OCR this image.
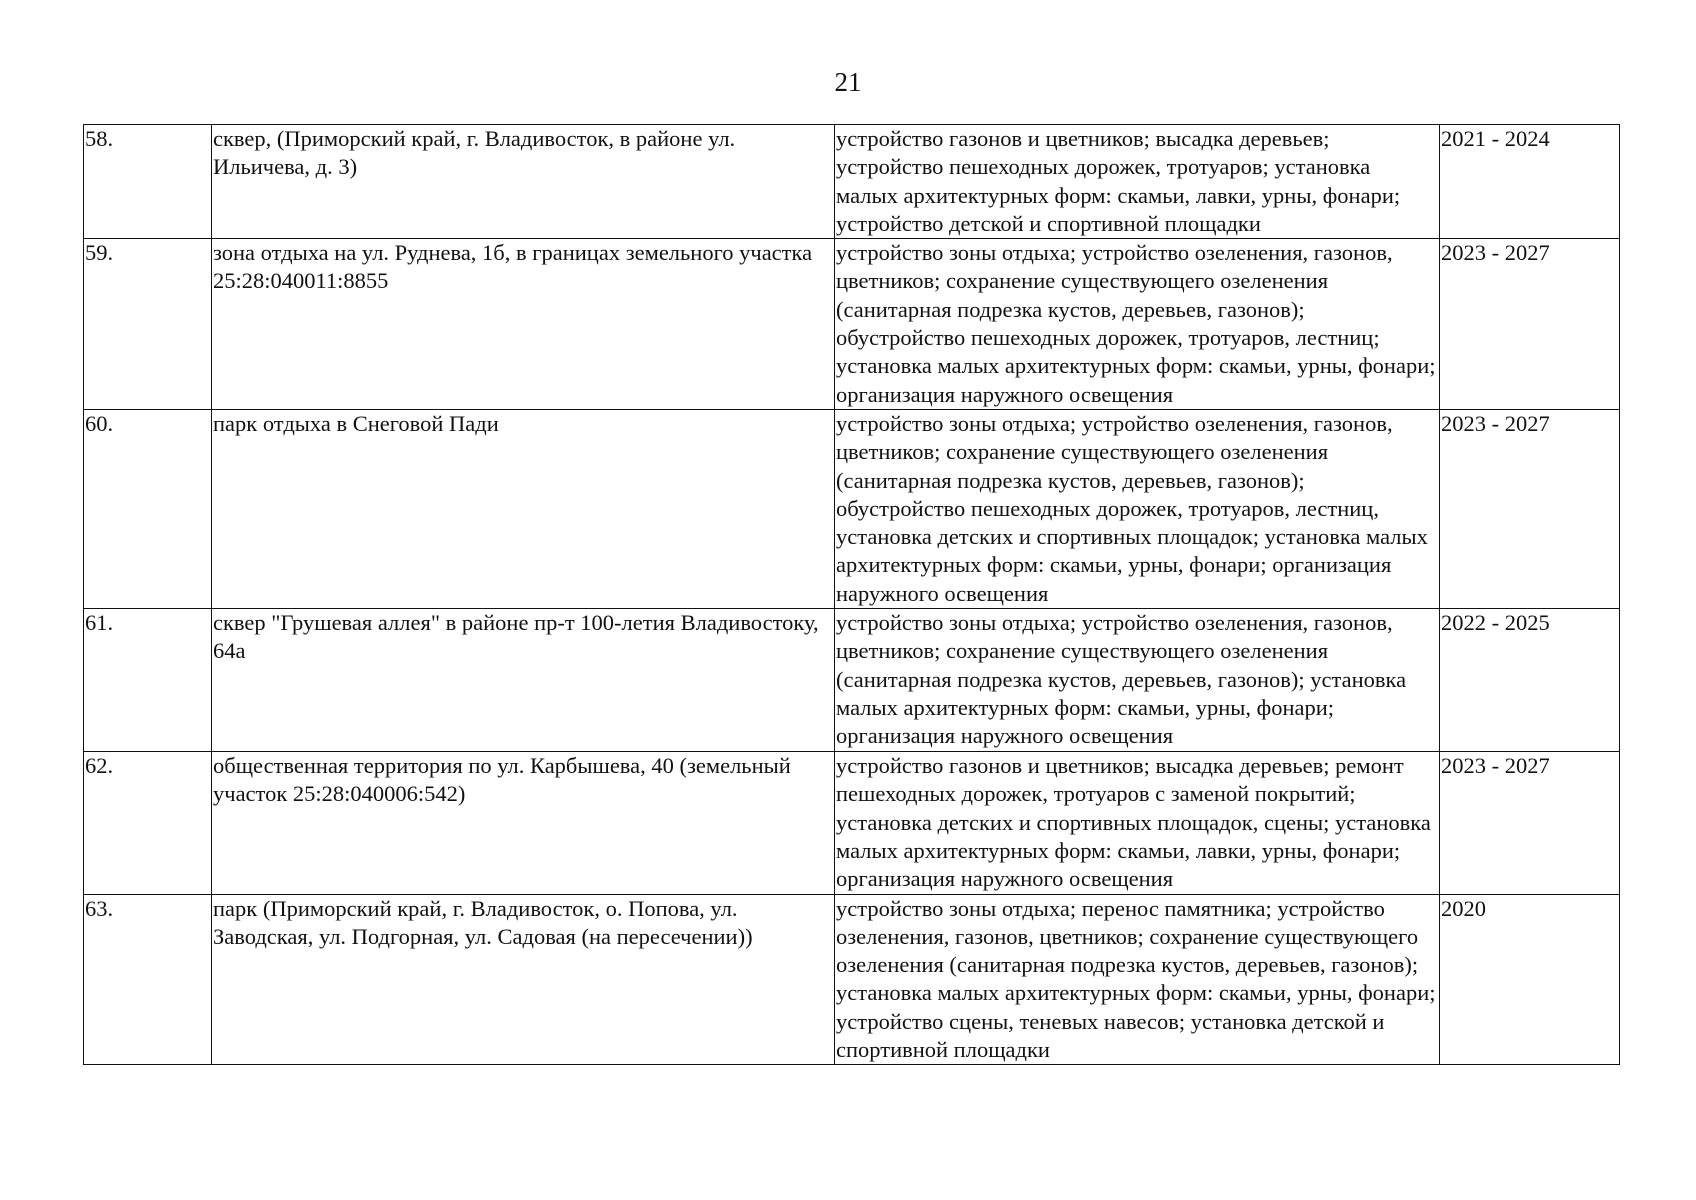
21
58.	сквер, (Приморский край, г. Владивосток, в районе ул. Ильичева, д. 3)	устройство газонов и цветников; высадка деревьев; устройство пешеходных дорожек, тротуаров; установка малых архитектурных форм: скамьи, лавки, урны, фонари; устройство детской и спортивной площадки	2021 - 2024

59.	зона отдыха на ул. Руднева, 1б, в границах земельного участка 25:28:040011:8855	устройство зоны отдыха; устройство озеленения, газонов, цветников; сохранение существующего озеленения (санитарная подрезка кустов, деревьев, газонов); обустройство пешеходных дорожек, тротуаров, лестниц; установка малых архитектурных форм: скамьи, урны, фонари; организация наружного освещения	2023 - 2027

60.	парк отдыха в Снеговой Пади	устройство зоны отдыха; устройство озеленения, газонов, цветников; сохранение существующего озеленения (санитарная подрезка кустов, деревьев, газонов); обустройство пешеходных дорожек, тротуаров, лестниц, установка детских и спортивных площадок; установка малых архитектурных форм: скамьи, урны, фонари; организация наружного освещения	2023 - 2027

61.	сквер "Грушевая аллея" в районе пр-т 100-летия Владивостоку, 64а	устройство зоны отдыха; устройство озеленения, газонов, цветников; сохранение существующего озеленения (санитарная подрезка кустов, деревьев, газонов); установка малых архитектурных форм: скамьи, урны, фонари; организация наружного освещения	2022 - 2025

62.	общественная территория по ул. Карбышева, 40 (земельный участок 25:28:040006:542)	устройство газонов и цветников; высадка деревьев; ремонт пешеходных дорожек, тротуаров с заменой покрытий; установка детских и спортивных площадок, сцены; установка малых архитектурных форм: скамьи, лавки, урны, фонари; организация наружного освещения	2023 - 2027

63.	парк (Приморский край, г. Владивосток, о. Попова, ул. Заводская, ул. Подгорная, ул. Садовая (на пересечении))	устройство зоны отдыха; перенос памятника; устройство озеленения, газонов, цветников; сохранение существующего озеленения (санитарная подрезка кустов, деревьев, газонов); установка малых архитектурных форм: скамьи, урны, фонари; устройство сцены, теневых навесов; установка детской и спортивной площадки	2020
